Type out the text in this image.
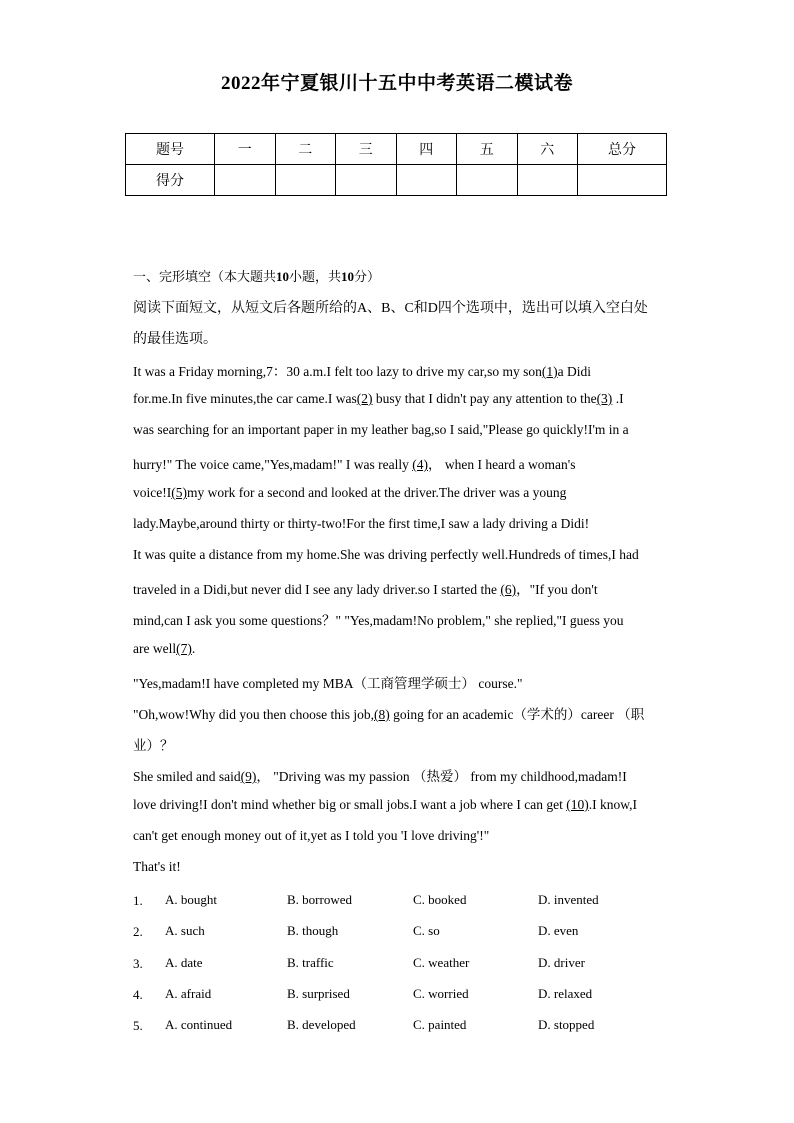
2022年宁夏银川十五中中考英语二模试卷
题号	一	二	三	四	五	六	总分
得分							
一、完形填空（本大题共10小题，共10分）
阅读下面短文，从短文后各题所给的A、B、C和D四个选项中，选出可以填入空白处
的最佳选项。
It was a Friday morning,7：30 a.m.I felt too lazy to drive my car,so my son(1)a Didi
for.me.In five minutes,the car came.I was(2) busy that I didn't pay any attention to the(3) .I
was searching for an important paper in my leather bag,so I said,"Please go quickly!I'm in a
hurry!" The voice came,"Yes,madam!" I was really (4)， when I heard a woman's
voice!I(5)my work for a second and looked at the driver.The driver was a young
lady.Maybe,around thirty or thirty-two!For the first time,I saw a lady driving a Didi!
It was quite a distance from my home.She was driving perfectly well.Hundreds of times,I had
traveled in a Didi,but never did I see any lady driver.so I started the (6)，"If you don't
mind,can I ask you some questions？" "Yes,madam!No problem," she replied,"I guess you
are well(7).
"Yes,madam!I have completed my MBA（工商管理学硕士） course."
"Oh,wow!Why did you then choose this job,(8) going for an academic（学术的）career （职
业）？
She smiled and said(9)， "Driving was my passion （热爱） from my childhood,madam!I
love driving!I don't mind whether big or small jobs.I want a job where I can get (10).I know,I
can't get enough money out of it,yet as I told you 'I love driving'!"
That's it!
1. A. bought	B. borrowed	C. booked	D. invented
2. A. such	B. though	C. so	D. even
3. A. date	B. traffic	C. weather	D. driver
4. A. afraid	B. surprised	C. worried	D. relaxed
5. A. continued	B. developed	C. painted	D. stopped
